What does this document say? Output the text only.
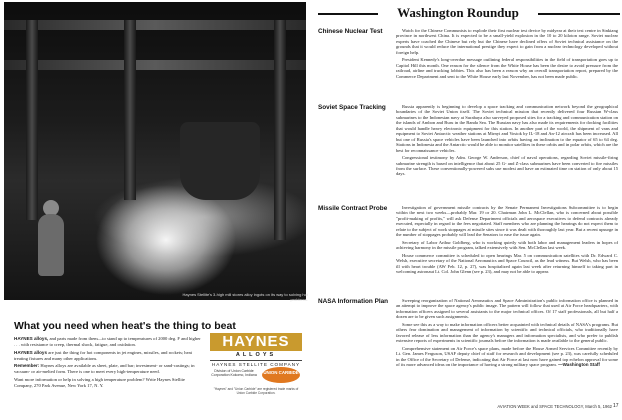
Haynes Stellite's 3-high mill stores alloy ingots on its way to solving hot problems.
What you need when heat's the thing to beat

HAYNES alloys, and parts made from them—to stand up to temperatures of 2000 deg. F and higher . . . with resistance to creep, thermal shock, fatigue, and oxidation.

HAYNES alloys are just the thing for hot components in jet engines, missiles, and rockets; heat treating fixtures and many other applications.

Remember: Haynes alloys are available as sheet, plate, and bar; investment- or sand-castings; in vacuum- or air-melted form. There is one to meet every high-temperature need.

Want more information or help in solving a high temperature problem? Write Haynes Stellite Company, 270 Park Avenue, New York 17, N. Y.

HAYNES
ALLOYS
HAYNES STELLITE COMPANY
Division of Union Carbide Corporation Kokomo, Indiana
UNION CARBIDE
"Haynes" and "Union Carbide" are registered trade marks of Union Carbide Corporation.
Washington Roundup
Chinese Nuclear Test	Watch for the Chinese Communists to explode their first nuclear test device by midyear at their test centre in Sinkiang province in northwest China. It is expected to be a small-yield explosion in the 10 to 20 kiloton range. Soviet nuclear experts have coached the Chinese but rely but the Chinese have declined offers of Soviet technical assistance on the grounds that it would reduce the international prestige they expect to gain from a nuclear technology developed without foreign help.

President Kennedy's long-overdue message outlining federal responsibilities in the field of transportation goes up to Capitol Hill this month. One reason for the silence from the White House has been the desire to avoid pressure from the railroad, airline and trucking lobbies. This also has been a reason why an overall transportation report, prepared by the Commerce Department and sent to the White House early last November, has not been made public.

Soviet Space Tracking	Russia apparently is beginning to develop a space tracking and communication network beyond the geographical boundaries of the Soviet Union itself. The Soviet technical mission that recently delivered four Russian W-class submarines to the Indonesian navy at Surabaya also surveyed proposed sites for a tracking and communication station on the islands of Ambon and Buru in the Banda Sea. The Russian navy has also made its requirements for docking facilities that would handle heavy electronic equipment for this station. In another part of the world, the shipment of vans and equipment to Soviet Antarctic weather stations at Mirnyi and Vostok by IL-18 and An-12 aircraft has been increased. All but one of Russia's space vehicles have been launched into orbits having an inclination to the equator of 65 to 64 deg. Stations in Indonesia and the Antarctic would be able to monitor satellites in these orbits and in polar orbits, which are the best for reconnaissance vehicles.

Congressional testimony by Adm. George W. Anderson, chief of naval operations, regarding Soviet missile-firing submarine strength is based on intelligence that about 25 G- and Z-class submarines have been converted to fire missiles from the surface. These conventionally-powered subs use modest and have an estimated time on station of only about 15 days.

Missile Contract Probe	Investigation of government missile contracts by the Senate Permanent Investigations Subcommittee is to begin within the next two weeks—probably Mar. 19 or 20. Chairman John L. McClellan, who is concerned about possible "profit-making of profits," will ask Defense Department officials and aerospace executives to defend contracts already executed, especially in regard to the fees negotiated. Staff members who are planning the hearings do not expect them to relate to the subject of work stoppages at missile sites since it was dealt with thoroughly last year. But a recent upsurge in the number of stoppages probably will lead the Senators to ease the issue again.

Secretary of Labor Arthur Goldberg, who is working quietly with both labor and management leaders in hopes of achieving harmony in the missile program, talked extensively with Sen. McClellan last week.

House commerce committee is scheduled to open hearings Mar. 5 on communication satellites with Dr. Edward C. Welsh, executive secretary of the National Aeronautics and Space Council, as the lead witness. But Welsh, who has been ill with heart trouble (AW Feb. 12, p. 27), was hospitalized again last week after returning himself to taking part in welcoming astronaut Lt. Col. John Glenn (see p. 23), and may not be able to appear.

NASA Information Plan	Sweeping reorganization of National Aeronautics and Space Administration's public information office is planned in an attempt to improve the space agency's public image. The pattern will follow that used at Air Force headquarters, with information officers assigned to several assistants to the major technical offices. Of 17 staff professionals, all but half a dozen are to be given such assignments.

Some see this as a way to make information officers better acquainted with technical details of NASA's programs. But others fear domination and management of information by scientific and technical officials, who traditionally have favored release of less information than the agency's managers and information specialists, and who prefer to publish extensive reports of experiments in scientific journals before the information is made available to the general public.

Comprehensive statement on Air Force's space plans, made before the House Armed Services Committee recently by Lt. Gen. James Ferguson, USAF deputy chief of staff for research and development (see p. 23), was carefully scheduled in the Office of the Secretary of Defense, indicating that Air Force at last now have gained top echelon approval for some of its more advanced ideas on the importance of having a strong military space program. —Washington Staff

AVIATION WEEK and SPACE TECHNOLOGY, March 5, 1962 17
